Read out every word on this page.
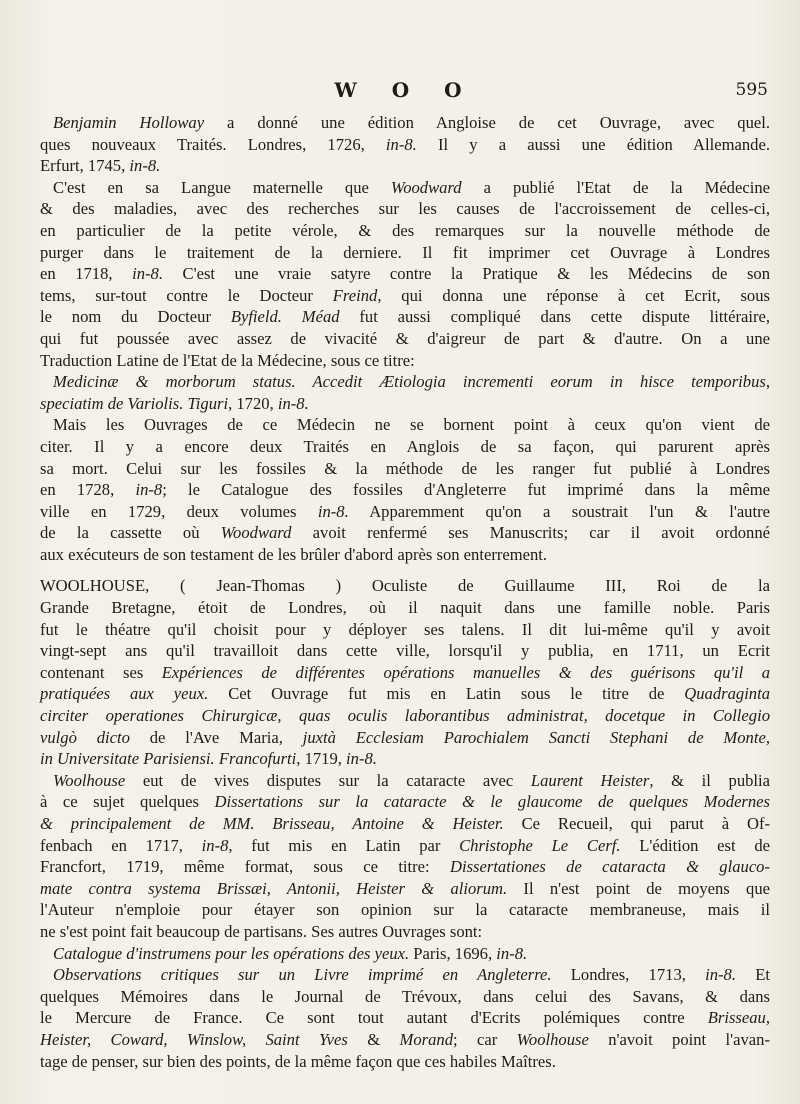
W O O	595
Benjamin Holloway a donné une édition Angloise de cet Ouvrage, avec quel.
ques nouveaux Traités. Londres, 1726, in-8. Il y a aussi une édition Allemande.
Erfurt, 1745, in-8.
C'est en sa Langue maternelle que Woodward a publié l'Etat de la Médecine
& des maladies, avec des recherches sur les causes de l'accroissement de celles-ci,
en particulier de la petite vérole, & des remarques sur la nouvelle méthode de
purger dans le traitement de la derniere. Il fit imprimer cet Ouvrage à Londres
en 1718, in-8. C'est une vraie satyre contre la Pratique & les Médecins de son
tems, sur-tout contre le Docteur Freind, qui donna une réponse à cet Ecrit, sous
le nom du Docteur Byfield. Méad fut aussi compliqué dans cette dispute littéraire,
qui fut poussée avec assez de vivacité & d'aigreur de part & d'autre. On a une
Traduction Latine de l'Etat de la Médecine, sous ce titre:
Medicinæ & morborum status. Accedit Ætiologia incrementi eorum in hisce temporibus,
speciatim de Variolis. Tiguri, 1720, in-8.
Mais les Ouvrages de ce Médecin ne se bornent point à ceux qu'on vient de
citer. Il y a encore deux Traités en Anglois de sa façon, qui parurent après
sa mort. Celui sur les fossiles & la méthode de les ranger fut publié à Londres
en 1728, in-8; le Catalogue des fossiles d'Angleterre fut imprimé dans la même
ville en 1729, deux volumes in-8. Apparemment qu'on a soustrait l'un & l'autre
de la cassette où Woodward avoit renfermé ses Manuscrits; car il avoit ordonné
aux exécuteurs de son testament de les brûler d'abord après son enterrement.
WOOLHOUSE, ( Jean-Thomas ) Oculiste de Guillaume III, Roi de la
Grande Bretagne, étoit de Londres, où il naquit dans une famille noble. Paris
fut le théatre qu'il choisit pour y déployer ses talens. Il dit lui-même qu'il y avoit
vingt-sept ans qu'il travailloit dans cette ville, lorsqu'il y publia, en 1711, un Ecrit
contenant ses Expériences de différentes opérations manuelles & des guérisons qu'il a
pratiquées aux yeux. Cet Ouvrage fut mis en Latin sous le titre de Quadraginta
circiter operationes Chirurgicæ, quas oculis laborantibus administrat, docetque in Collegio
vulgò dicto de l'Ave Maria, juxtà Ecclesiam Parochialem Sancti Stephani de Monte,
in Universitate Parisiensi. Francofurti, 1719, in-8.
Woolhouse eut de vives disputes sur la cataracte avec Laurent Heister, & il publia
à ce sujet quelques Dissertations sur la cataracte & le glaucome de quelques Modernes
& principalement de MM. Brisseau, Antoine & Heister. Ce Recueil, qui parut à Of-
fenbach en 1717, in-8, fut mis en Latin par Christophe Le Cerf. L'édition est de
Francfort, 1719, même format, sous ce titre: Dissertationes de cataracta & glauco-
mate contra systema Brissæi, Antonii, Heister & aliorum. Il n'est point de moyens que
l'Auteur n'emploie pour étayer son opinion sur la cataracte membraneuse, mais il
ne s'est point fait beaucoup de partisans. Ses autres Ouvrages sont:
Catalogue d'instrumens pour les opérations des yeux. Paris, 1696, in-8.
Observations critiques sur un Livre imprimé en Angleterre. Londres, 1713, in-8. Et
quelques Mémoires dans le Journal de Trévoux, dans celui des Savans, & dans
le Mercure de France. Ce sont tout autant d'Ecrits polémiques contre Brisseau,
Heister, Coward, Winslow, Saint Yves & Morand; car Woolhouse n'avoit point l'avan-
tage de penser, sur bien des points, de la même façon que ces habiles Maîtres.
